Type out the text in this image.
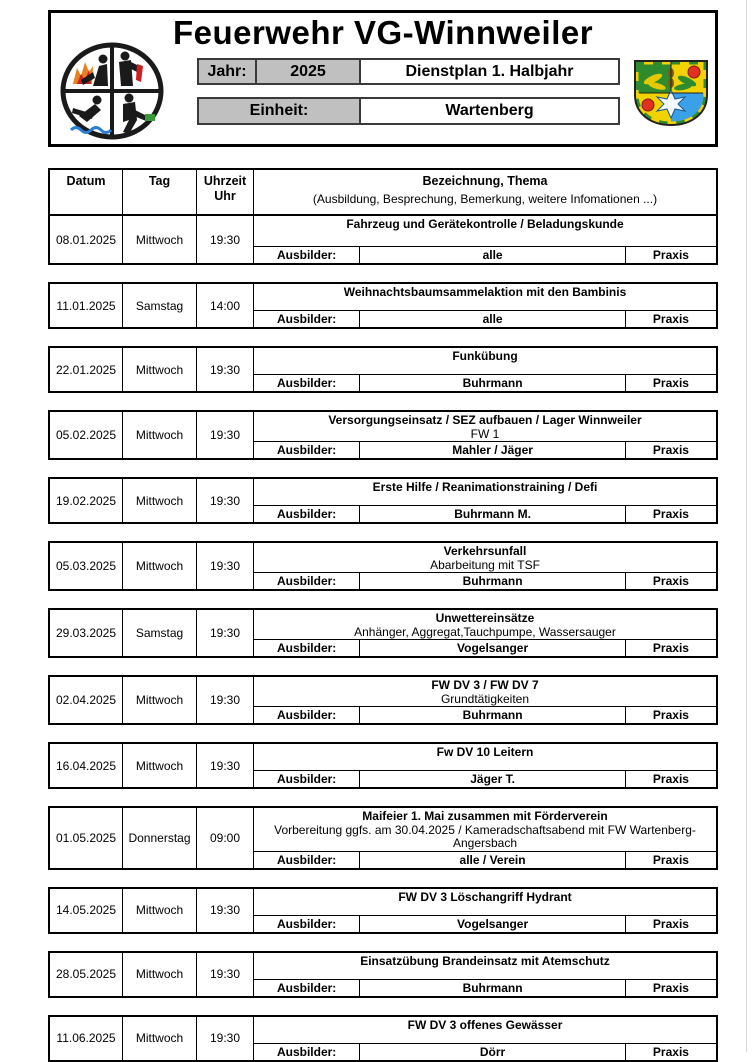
Feuerwehr VG-Winnweiler
Jahr:	2025	Dienstplan 1. Halbjahr
Einheit:	Wartenberg
Datum	Tag	Uhrzeit
Uhr
Bezeichnung, Thema
(Ausbildung, Besprechung, Bemerkung, weitere Infomationen ...)
08.01.2025	Mittwoch	19:30
Fahrzeug und Gerätekontrolle / Beladungskunde
Ausbilder:	alle	Praxis
11.01.2025	Samstag	14:00
Weihnachtsbaumsammelaktion mit den Bambinis
Ausbilder:	alle	Praxis
22.01.2025	Mittwoch	19:30
Funkübung
Ausbilder:	Buhrmann	Praxis
05.02.2025	Mittwoch	19:30
Versorgungseinsatz / SEZ aufbauen / Lager Winnweiler
FW 1
Ausbilder:	Mahler / Jäger	Praxis
19.02.2025	Mittwoch	19:30
Erste Hilfe / Reanimationstraining / Defi
Ausbilder:	Buhrmann M.	Praxis
05.03.2025	Mittwoch	19:30
Verkehrsunfall
Abarbeitung mit TSF
Ausbilder:	Buhrmann	Praxis
29.03.2025	Samstag	19:30
Unwettereinsätze
Anhänger, Aggregat,Tauchpumpe, Wassersauger
Ausbilder:	Vogelsanger	Praxis
02.04.2025	Mittwoch	19:30
FW DV 3 / FW DV 7
Grundtätigkeiten
Ausbilder:	Buhrmann	Praxis
16.04.2025	Mittwoch	19:30
Fw DV 10 Leitern
Ausbilder:	Jäger T.	Praxis
01.05.2025	Donnerstag	09:00
Maifeier 1. Mai zusammen mit Förderverein
Vorbereitung ggfs. am 30.04.2025 / Kameradschaftsabend mit FW Wartenberg-Angersbach
Ausbilder:	alle / Verein	Praxis
14.05.2025	Mittwoch	19:30
FW DV 3 Löschangriff Hydrant
Ausbilder:	Vogelsanger	Praxis
28.05.2025	Mittwoch	19:30
Einsatzübung Brandeinsatz mit Atemschutz
Ausbilder:	Buhrmann	Praxis
11.06.2025	Mittwoch	19:30
FW DV 3 offenes Gewässer
Ausbilder:	Dörr	Praxis
